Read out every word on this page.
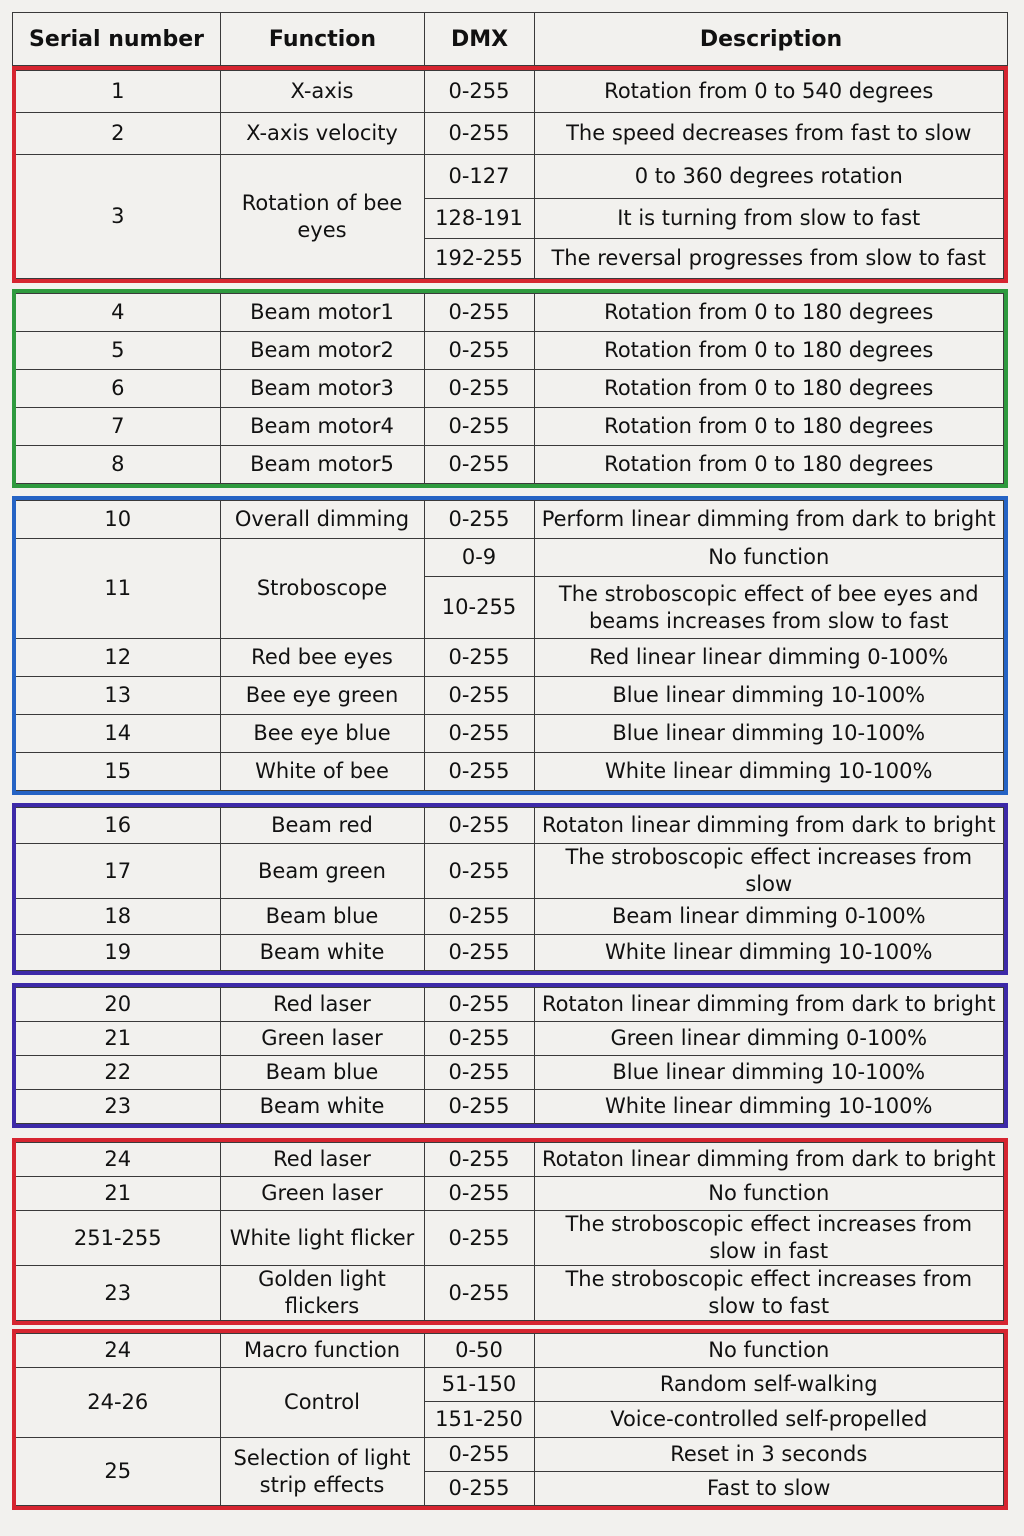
Serial number	Function	DMX	Description
1	X-axis	0-255	Rotation from 0 to 540 degrees
2	X-axis velocity	0-255	The speed decreases from fast to slow
3	Rotation of bee eyes	0-127	0 to 360 degrees rotation
		128-191	It is turning from slow to fast
		192-255	The reversal progresses from slow to fast
4	Beam motor1	0-255	Rotation from 0 to 180 degrees
5	Beam motor2	0-255	Rotation from 0 to 180 degrees
6	Beam motor3	0-255	Rotation from 0 to 180 degrees
7	Beam motor4	0-255	Rotation from 0 to 180 degrees
8	Beam motor5	0-255	Rotation from 0 to 180 degrees
10	Overall dimming	0-255	Perform linear dimming from dark to bright
11	Stroboscope	0-9	No function
		10-255	The stroboscopic effect of bee eyes and beams increases from slow to fast
12	Red bee eyes	0-255	Red linear linear dimming 0-100%
13	Bee eye green	0-255	Blue linear dimming 10-100%
14	Bee eye blue	0-255	Blue linear dimming 10-100%
15	White of bee	0-255	White linear dimming 10-100%
16	Beam red	0-255	Rotaton linear dimming from dark to bright
17	Beam green	0-255	The stroboscopic effect increases from slow
18	Beam blue	0-255	Beam linear dimming 0-100%
19	Beam white	0-255	White linear dimming 10-100%
20	Red laser	0-255	Rotaton linear dimming from dark to bright
21	Green laser	0-255	Green linear dimming 0-100%
22	Beam blue	0-255	Blue linear dimming 10-100%
23	Beam white	0-255	White linear dimming 10-100%
24	Red laser	0-255	Rotaton linear dimming from dark to bright
21	Green laser	0-255	No function
251-255	White light flicker	0-255	The stroboscopic effect increases from slow in fast
23	Golden light flickers	0-255	The stroboscopic effect increases from slow to fast
24	Macro function	0-50	No function
24-26	Control	51-150	Random self-walking
		151-250	Voice-controlled self-propelled
25	Selection of light strip effects	0-255	Reset in 3 seconds
		0-255	Fast to slow
